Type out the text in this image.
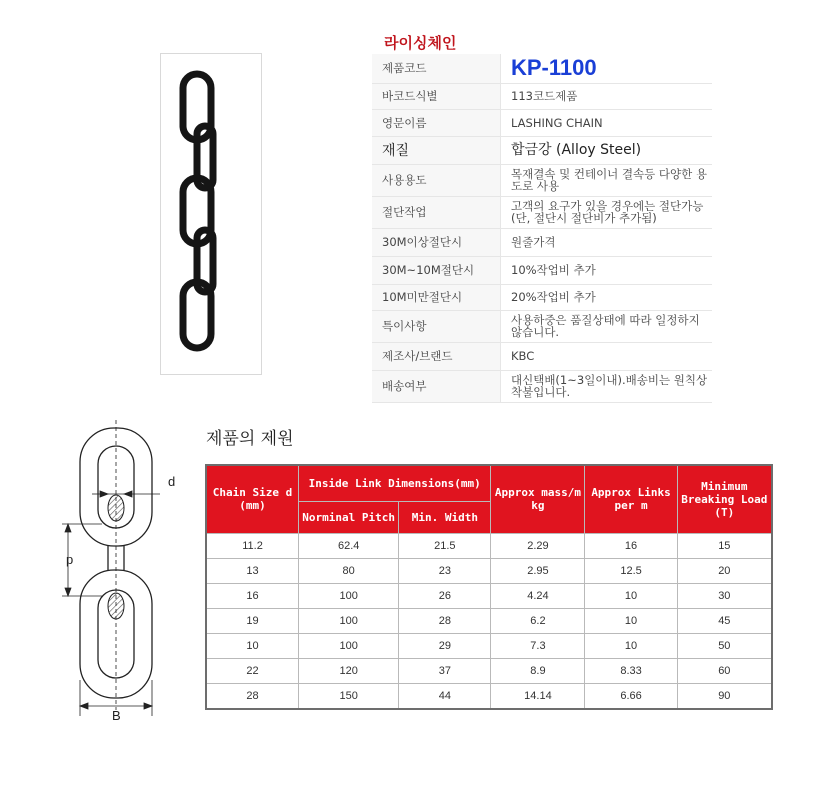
라이싱체인
제품코드	KP-1100
바코드식별	113코드제품
영문이름	LASHING CHAIN
재질	합금강 (Alloy Steel)
사용용도	목재결속 및 컨테이너 결속등 다양한 용도로 사용
절단작업	고객의 요구가 있을 경우에는 절단가능(단, 절단시 절단비가 추가됨)
30M이상절단시	원줄가격
30M~10M절단시	10%작업비 추가
10M미만절단시	20%작업비 추가
특이사항	사용하중은 품질상태에 따라 일정하지 않습니다.
제조사/브랜드	KBC
배송여부	대신택배(1~3일이내).배송비는 원칙상 착불입니다.
제품의 제원
d
p
B
Chain Size d (mm)	Inside Link Dimensions(mm)		Approx mass/m kg	Approx Links per m	Minimum Breaking Load (T)
	Norminal Pitch	Min. Width			
11.2	62.4	21.5	2.29	16	15
13	80	23	2.95	12.5	20
16	100	26	4.24	10	30
19	100	28	6.2	10	45
10	100	29	7.3	10	50
22	120	37	8.9	8.33	60
28	150	44	14.14	6.66	90
